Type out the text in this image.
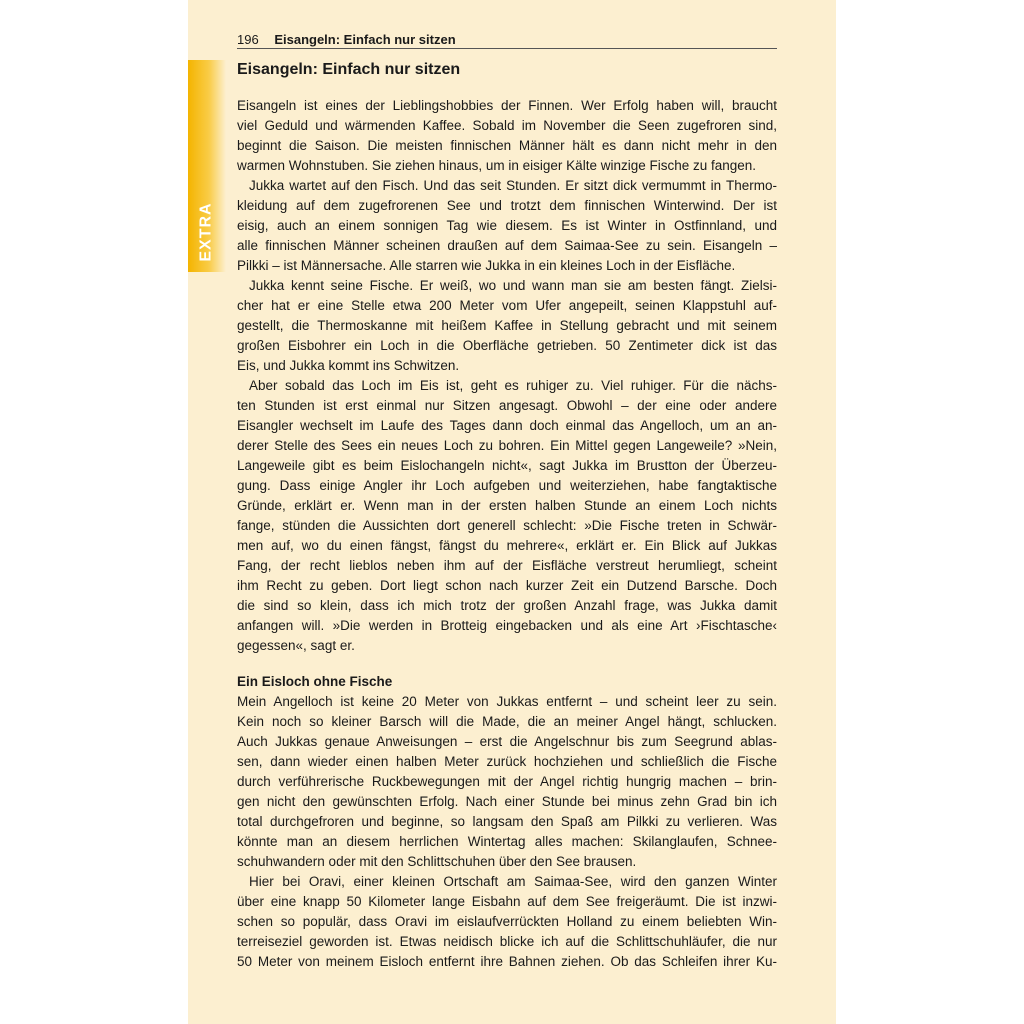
EXTRA
196 Eisangeln: Einfach nur sitzen
Eisangeln: Einfach nur sitzen
Eisangeln ist eines der Lieblingshobbies der Finnen. Wer Erfolg haben will, braucht
viel Geduld und wärmenden Kaffee. Sobald im November die Seen zugefroren sind,
beginnt die Saison. Die meisten finnischen Männer hält es dann nicht mehr in den
warmen Wohnstuben. Sie ziehen hinaus, um in eisiger Kälte winzige Fische zu fangen.
Jukka wartet auf den Fisch. Und das seit Stunden. Er sitzt dick vermummt in Thermo-
kleidung auf dem zugefrorenen See und trotzt dem finnischen Winterwind. Der ist
eisig, auch an einem sonnigen Tag wie diesem. Es ist Winter in Ostfinnland, und
alle finnischen Männer scheinen draußen auf dem Saimaa-See zu sein. Eisangeln –
Pilkki – ist Männersache. Alle starren wie Jukka in ein kleines Loch in der Eisfläche.
Jukka kennt seine Fische. Er weiß, wo und wann man sie am besten fängt. Zielsi-
cher hat er eine Stelle etwa 200 Meter vom Ufer angepeilt, seinen Klappstuhl auf-
gestellt, die Thermoskanne mit heißem Kaffee in Stellung gebracht und mit seinem
großen Eisbohrer ein Loch in die Oberfläche getrieben. 50 Zentimeter dick ist das
Eis, und Jukka kommt ins Schwitzen.
Aber sobald das Loch im Eis ist, geht es ruhiger zu. Viel ruhiger. Für die nächs-
ten Stunden ist erst einmal nur Sitzen angesagt. Obwohl – der eine oder andere
Eisangler wechselt im Laufe des Tages dann doch einmal das Angelloch, um an an-
derer Stelle des Sees ein neues Loch zu bohren. Ein Mittel gegen Langeweile? »Nein,
Langeweile gibt es beim Eislochangeln nicht«, sagt Jukka im Brustton der Überzeu-
gung. Dass einige Angler ihr Loch aufgeben und weiterziehen, habe fangtaktische
Gründe, erklärt er. Wenn man in der ersten halben Stunde an einem Loch nichts
fange, stünden die Aussichten dort generell schlecht: »Die Fische treten in Schwär-
men auf, wo du einen fängst, fängst du mehrere«, erklärt er. Ein Blick auf Jukkas
Fang, der recht lieblos neben ihm auf der Eisfläche verstreut herumliegt, scheint
ihm Recht zu geben. Dort liegt schon nach kurzer Zeit ein Dutzend Barsche. Doch
die sind so klein, dass ich mich trotz der großen Anzahl frage, was Jukka damit
anfangen will. »Die werden in Brotteig eingebacken und als eine Art ›Fischtasche‹
gegessen«, sagt er.
Ein Eisloch ohne Fische
Mein Angelloch ist keine 20 Meter von Jukkas entfernt – und scheint leer zu sein.
Kein noch so kleiner Barsch will die Made, die an meiner Angel hängt, schlucken.
Auch Jukkas genaue Anweisungen – erst die Angelschnur bis zum Seegrund ablas-
sen, dann wieder einen halben Meter zurück hochziehen und schließlich die Fische
durch verführerische Ruckbewegungen mit der Angel richtig hungrig machen – brin-
gen nicht den gewünschten Erfolg. Nach einer Stunde bei minus zehn Grad bin ich
total durchgefroren und beginne, so langsam den Spaß am Pilkki zu verlieren. Was
könnte man an diesem herrlichen Wintertag alles machen: Skilanglaufen, Schnee-
schuhwandern oder mit den Schlittschuhen über den See brausen.
Hier bei Oravi, einer kleinen Ortschaft am Saimaa-See, wird den ganzen Winter
über eine knapp 50 Kilometer lange Eisbahn auf dem See freigeräumt. Die ist inzwi-
schen so populär, dass Oravi im eislaufverrückten Holland zu einem beliebten Win-
terreiseziel geworden ist. Etwas neidisch blicke ich auf die Schlittschuhläufer, die nur
50 Meter von meinem Eisloch entfernt ihre Bahnen ziehen. Ob das Schleifen ihrer Ku-
